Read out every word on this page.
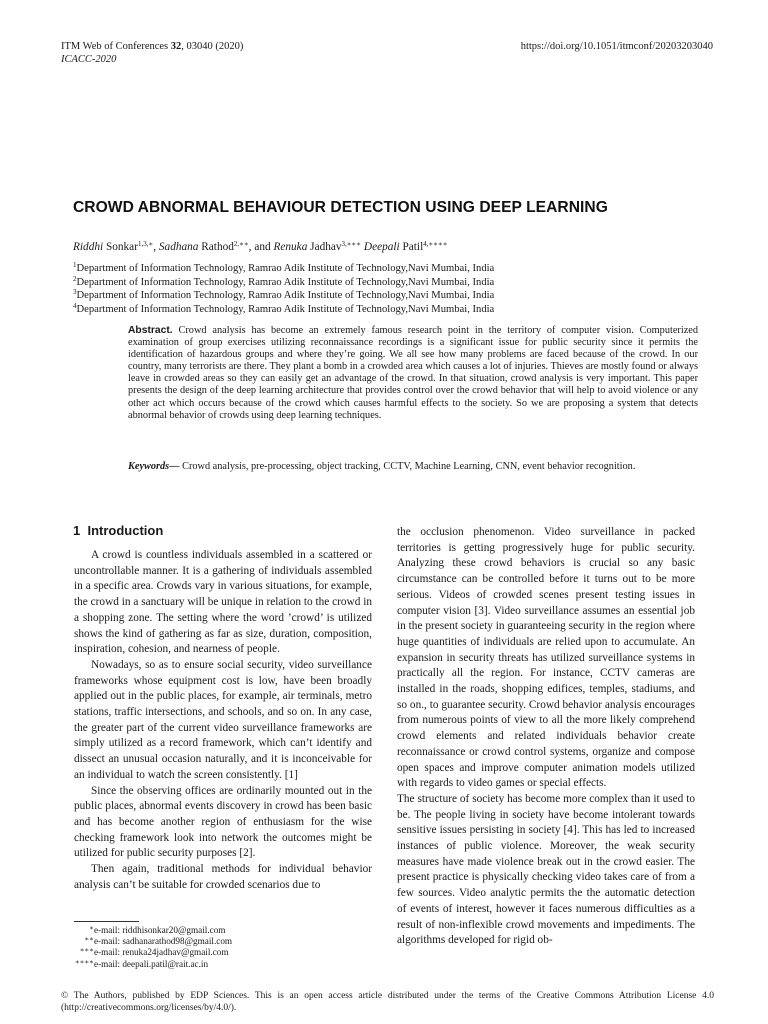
ITM Web of Conferences 32, 03040 (2020)
ICACC-2020
https://doi.org/10.1051/itmconf/20203203040
CROWD ABNORMAL BEHAVIOUR DETECTION USING DEEP LEARNING
Riddhi Sonkar$^{1,3,∗}$, Sadhana Rathod$^{2,∗∗}$, and Renuka Jadhav$^{3,∗∗∗}$ Deepali Patil$^{4,∗∗∗∗}$
$^1$Department of Information Technology, Ramrao Adik Institute of Technology,Navi Mumbai, India
$^2$Department of Information Technology, Ramrao Adik Institute of Technology,Navi Mumbai, India
$^3$Department of Information Technology, Ramrao Adik Institute of Technology,Navi Mumbai, India
$^4$Department of Information Technology, Ramrao Adik Institute of Technology,Navi Mumbai, India
Abstract. Crowd analysis has become an extremely famous research point in the territory of computer vision. Computerized examination of group exercises utilizing reconnaissance recordings is a significant issue for public security since it permits the identification of hazardous groups and where they’re going. We all see how many problems are faced because of the crowd. In our country, many terrorists are there. They plant a bomb in a crowded area which causes a lot of injuries. Thieves are mostly found or always leave in crowded areas so they can easily get an advantage of the crowd. In that situation, crowd analysis is very important. This paper presents the design of the deep learning architecture that provides control over the crowd behavior that will help to avoid violence or any other act which occurs because of the crowd which causes harmful effects to the society. So we are proposing a system that detects abnormal behavior of crowds using deep learning techniques.
Keywords— Crowd analysis, pre-processing, object tracking, CCTV, Machine Learning, CNN, event behavior recognition.
1 Introduction

A crowd is countless individuals assembled in a scattered or uncontrollable manner. It is a gathering of individuals assembled in a specific area. Crowds vary in various situations, for example, the crowd in a sanctuary will be unique in relation to the crowd in a shopping zone. The setting where the word ’crowd’ is utilized shows the kind of gathering as far as size, duration, composition, inspiration, cohesion, and nearness of people.

Nowadays, so as to ensure social security, video surveillance frameworks whose equipment cost is low, have been broadly applied out in the public places, for example, air terminals, metro stations, traffic intersections, and schools, and so on. In any case, the greater part of the current video surveillance frameworks are simply utilized as a record framework, which can’t identify and dissect an unusual occasion naturally, and it is inconceivable for an individual to watch the screen consistently. [1]

Since the observing offices are ordinarily mounted out in the public places, abnormal events discovery in crowd has been basic and has become another region of enthusiasm for the wise checking framework look into network the outcomes might be utilized for public security purposes [2].

Then again, traditional methods for individual behavior analysis can’t be suitable for crowded scenarios due to

the occlusion phenomenon. Video surveillance in packed territories is getting progressively huge for public security. Analyzing these crowd behaviors is crucial so any basic circumstance can be controlled before it turns out to be more serious. Videos of crowded scenes present testing issues in computer vision [3]. Video surveillance assumes an essential job in the present society in guaranteeing security in the region where huge quantities of individuals are relied upon to accumulate. An expansion in security threats has utilized surveillance systems in practically all the region. For instance, CCTV cameras are installed in the roads, shopping edifices, temples, stadiums, and so on., to guarantee security. Crowd behavior analysis encourages from numerous points of view to all the more likely comprehend crowd elements and related individuals behavior create reconnaissance or crowd control systems, organize and compose open spaces and improve computer animation models utilized with regards to video games or special effects.

The structure of society has become more complex than it used to be. The people living in society have become intolerant towards sensitive issues persisting in society [4]. This has led to increased instances of public violence. Moreover, the weak security measures have made violence break out in the crowd easier. The present practice is physically checking video takes care of from a few sources. Video analytic permits the the automatic detection of events of interest, however it faces numerous difficulties as a result of non-inflexible crowd movements and impediments. The algorithms developed for rigid ob-

∗e-mail: riddhisonkar20@gmail.com
∗∗e-mail: sadhanarathod98@gmail.com
∗∗∗e-mail: renuka24jadhav@gmail.com
∗∗∗∗e-mail: deepali.patil@rait.ac.in
© The Authors, published by EDP Sciences. This is an open access article distributed under the terms of the Creative Commons Attribution License 4.0 (http://creativecommons.org/licenses/by/4.0/).
